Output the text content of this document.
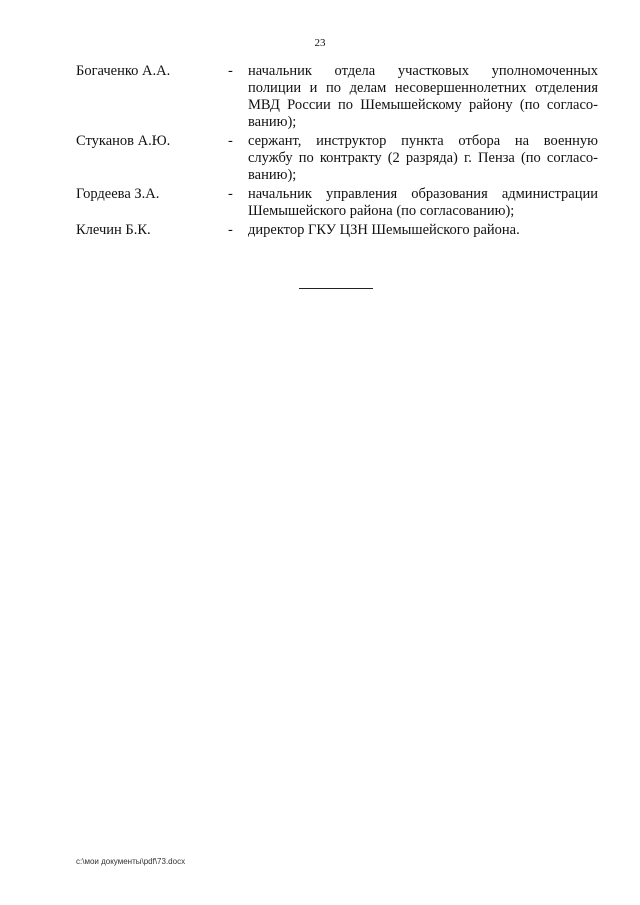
23
Богаченко А.А.	-	начальник отдела участковых уполномоченных
полиции и по делам несовершеннолетних отделения
МВД России по Шемышейскому району (по согласо-
ванию);
Стуканов А.Ю.	-	сержант, инструктор пункта отбора на военную
службу по контракту (2 разряда) г. Пенза (по согласо-
ванию);
Гордеева З.А.	-	начальник управления образования администрации
Шемышейского района (по согласованию);
Клечин Б.К.	-	директор ГКУ ЦЗН Шемышейского района.
c:\мои документы\pdf\73.docx
